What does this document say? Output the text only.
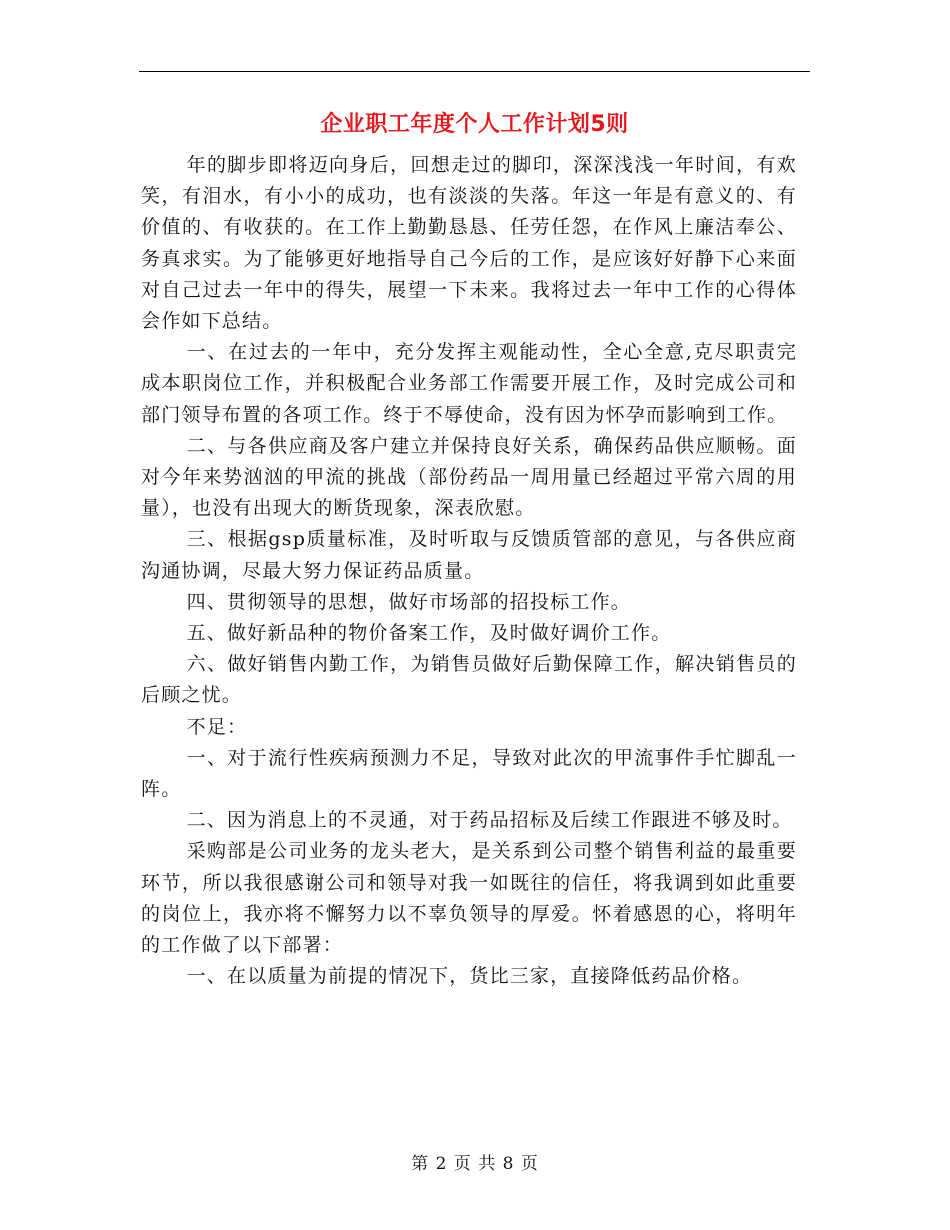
企业职工年度个人工作计划5则

年的脚步即将迈向身后，回想走过的脚印，深深浅浅一年时间，有欢笑，有泪水，有小小的成功，也有淡淡的失落。年这一年是有意义的、有价值的、有收获的。在工作上勤勤恳恳、任劳任怨，在作风上廉洁奉公、务真求实。为了能够更好地指导自己今后的工作，是应该好好静下心来面对自己过去一年中的得失，展望一下未来。我将过去一年中工作的心得体会作如下总结。

一、在过去的一年中，充分发挥主观能动性，全心全意,克尽职责完成本职岗位工作，并积极配合业务部工作需要开展工作，及时完成公司和部门领导布置的各项工作。终于不辱使命，没有因为怀孕而影响到工作。

二、与各供应商及客户建立并保持良好关系，确保药品供应顺畅。面对今年来势汹汹的甲流的挑战（部份药品一周用量已经超过平常六周的用量），也没有出现大的断货现象，深表欣慰。

三、根据gsp质量标准，及时听取与反馈质管部的意见，与各供应商沟通协调，尽最大努力保证药品质量。

四、贯彻领导的思想，做好市场部的招投标工作。

五、做好新品种的物价备案工作，及时做好调价工作。

六、做好销售内勤工作，为销售员做好后勤保障工作，解决销售员的后顾之忧。

不足：

一、对于流行性疾病预测力不足，导致对此次的甲流事件手忙脚乱一阵。

二、因为消息上的不灵通，对于药品招标及后续工作跟进不够及时。

采购部是公司业务的龙头老大，是关系到公司整个销售利益的最重要环节，所以我很感谢公司和领导对我一如既往的信任，将我调到如此重要的岗位上，我亦将不懈努力以不辜负领导的厚爱。怀着感恩的心，将明年的工作做了以下部署：

一、在以质量为前提的情况下，货比三家，直接降低药品价格。

第 2 页 共 8 页
